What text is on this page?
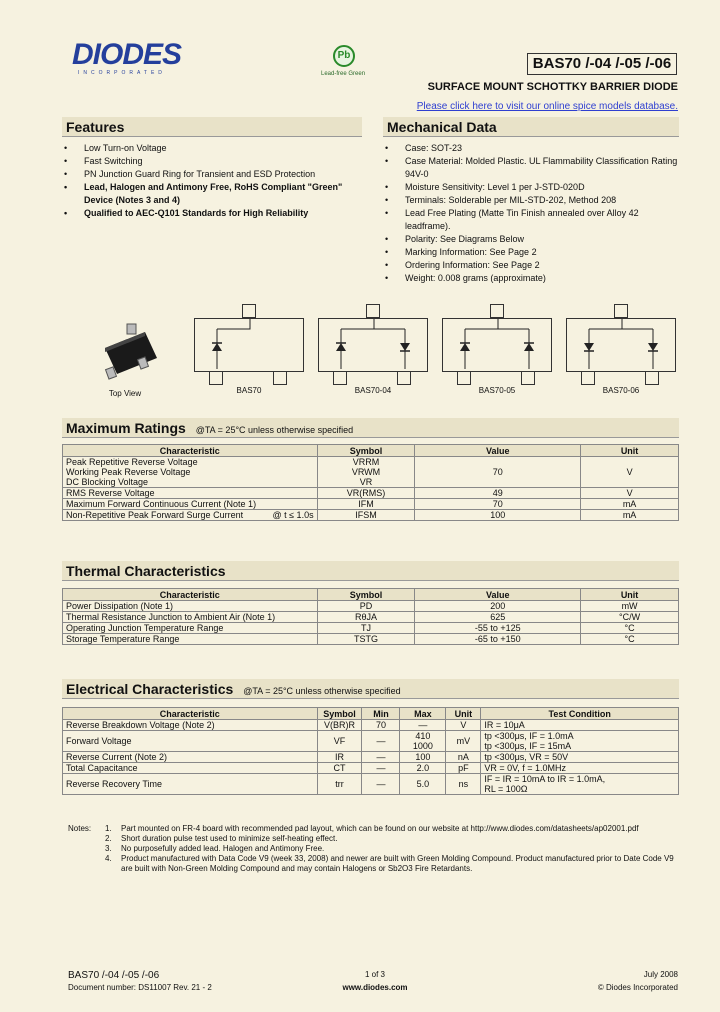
DIODES
INCORPORATED
Pb
Lead-free Green
BAS70 /-04 /-05 /-06
SURFACE MOUNT SCHOTTKY BARRIER DIODE
Please click here to visit our online spice models database.
Features
• Low Turn-on Voltage
• Fast Switching
• PN Junction Guard Ring for Transient and ESD Protection
• Lead, Halogen and Antimony Free, RoHS Compliant "Green" Device (Notes 3 and 4)
• Qualified to AEC-Q101 Standards for High Reliability
Mechanical Data
• Case: SOT-23
• Case Material: Molded Plastic. UL Flammability Classification Rating 94V-0
• Moisture Sensitivity: Level 1 per J-STD-020D
• Terminals: Solderable per MIL-STD-202, Method 208
• Lead Free Plating (Matte Tin Finish annealed over Alloy 42 leadframe).
• Polarity: See Diagrams Below
• Marking Information: See Page 2
• Ordering Information: See Page 2
• Weight: 0.008 grams (approximate)
Top View	BAS70	BAS70-04	BAS70-05	BAS70-06
Maximum Ratings @TA = 25°C unless otherwise specified
Characteristic	Symbol	Value	Unit
Peak Repetitive Reverse Voltage
Working Peak Reverse Voltage
DC Blocking Voltage	VRRM
VRWM
VR	70	V
RMS Reverse Voltage	VR(RMS)	49	V
Maximum Forward Continuous Current (Note 1)	IFM	70	mA
Non-Repetitive Peak Forward Surge Current @ t ≤ 1.0s	IFSM	100	mA
Thermal Characteristics
Characteristic	Symbol	Value	Unit
Power Dissipation (Note 1)	PD	200	mW
Thermal Resistance Junction to Ambient Air (Note 1)	RθJA	625	°C/W
Operating Junction Temperature Range	TJ	-55 to +125	°C
Storage Temperature Range	TSTG	-65 to +150	°C
Electrical Characteristics @TA = 25°C unless otherwise specified
Characteristic	Symbol	Min	Max	Unit	Test Condition
Reverse Breakdown Voltage (Note 2)	V(BR)R	70	—	V	IR = 10μA
Forward Voltage	VF	—	410
1000	mV	tp <300μs, IF = 1.0mA
tp <300μs, IF = 15mA
Reverse Current (Note 2)	IR	—	100	nA	tp <300μs, VR = 50V
Total Capacitance	CT	—	2.0	pF	VR = 0V, f = 1.0MHz
Reverse Recovery Time	trr	—	5.0	ns	IF = IR = 10mA to IR = 1.0mA,
RL = 100Ω
Notes: 1. Part mounted on FR-4 board with recommended pad layout, which can be found on our website at http://www.diodes.com/datasheets/ap02001.pdf
2. Short duration pulse test used to minimize self-heating effect.
3. No purposefully added lead. Halogen and Antimony Free.
4. Product manufactured with Data Code V9 (week 33, 2008) and newer are built with Green Molding Compound. Product manufactured prior to Date Code V9 are built with Non-Green Molding Compound and may contain Halogens or Sb2O3 Fire Retardants.
BAS70 /-04 /-05 /-06
Document number: DS11007 Rev. 21 - 2
1 of 3
www.diodes.com
July 2008
© Diodes Incorporated
